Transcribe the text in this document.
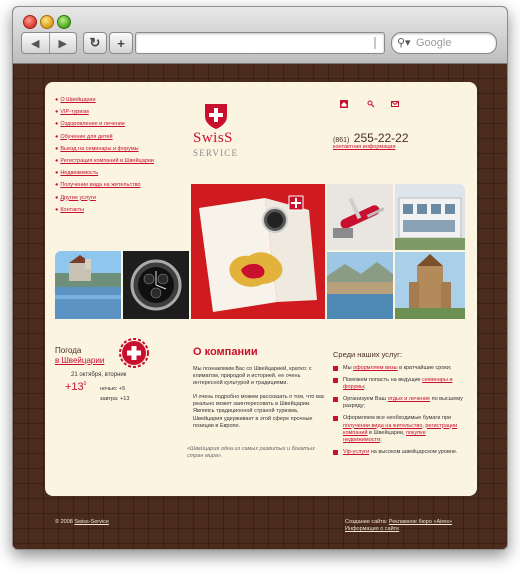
◀	▶	↻ +	⚲▾ Google
● О Швейцарии
● VIP-туризм
● Оздоровление и лечение
● Обучение для детей
● Выезд на семинары и форумы
● Регистрация компаний в Швейцарии
● Недвижимость
● Получение вида на жительство
● Другие услуги
● Контакты
SwisS
SERVICE
(861) 255-22-22
контактная информация
Погода
в Швейцарии
21 октября, вторник
$+13^0$
ночью: +5
завтра: +13
О компании

Мы познакомим Вас со Швейцарией, кратко: с климатом, природой и историей, ее очень интересной культурой и традициями.

И очень подробно можем рассказать о том, что вас реально может заинтересовать в Швейцарии. Являясь традиционной страной туризма, Швейцария удерживает в этой сфере прочные позиции в Европе.

«Швейцария одна из самых развитых и богатых стран мира».
Среди наших услуг:
Мы оформляем визы в кратчайшие сроки;
Поможем попасть на ведущие семинары и форумы;
Организуем Ваш отдых и лечение по высшему разряду;
Оформляем все необходимые бумаги при получении вида на жительство, регистрации компаний в Швейцарии, покупке недвижимости;
Vip-услуги на высоком швейцарском уровне.
© 2008 Swiss-Service	Создание сайта: Рекламное бюро «Aires»
Информация о сайте
